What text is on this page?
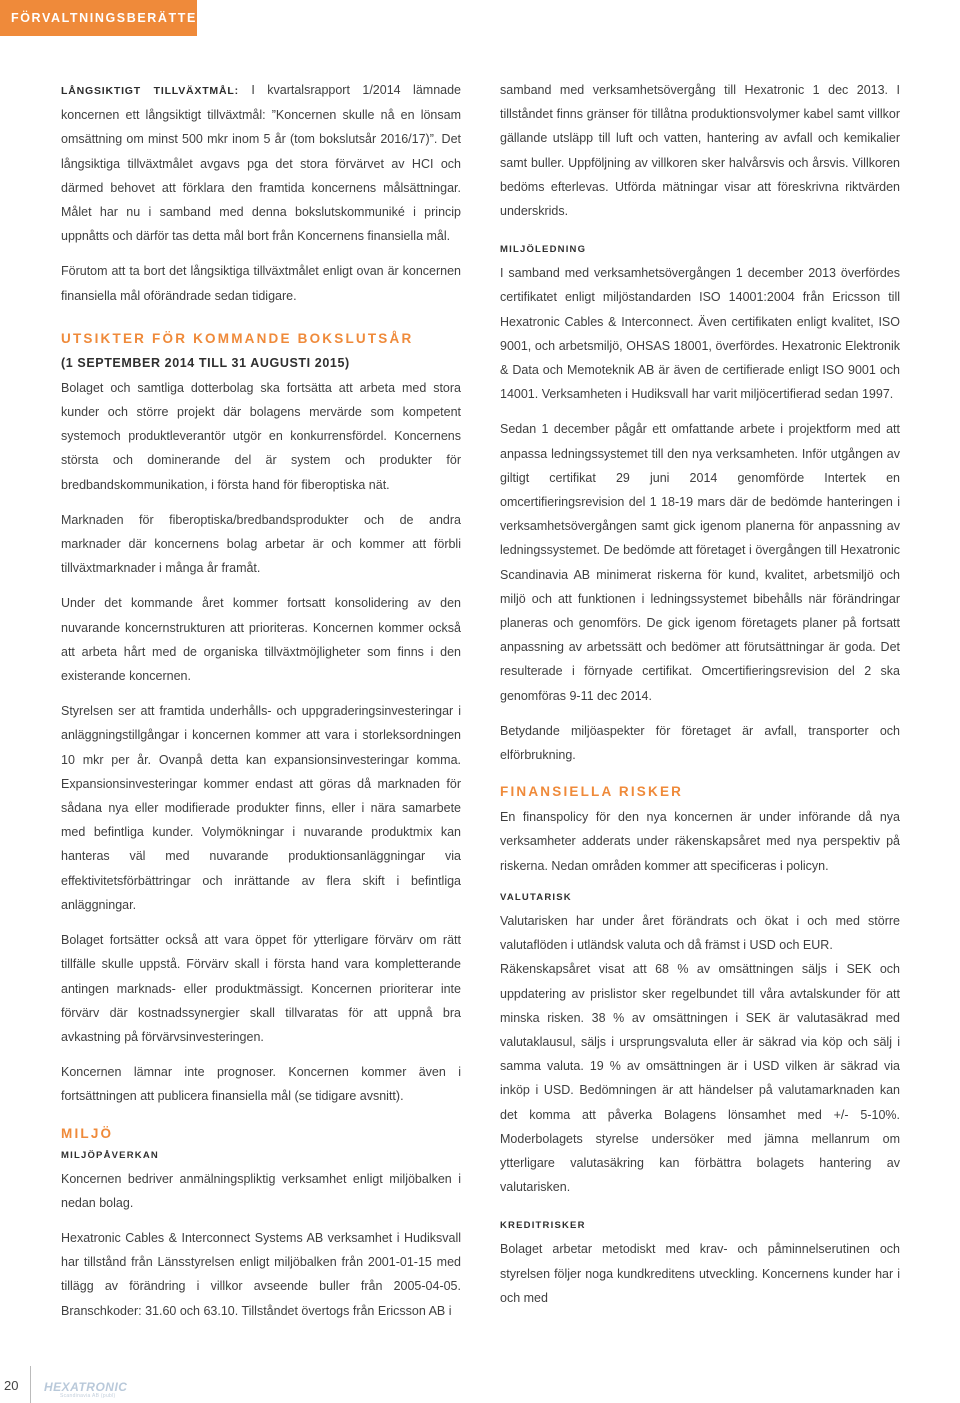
FÖRVALTNINGSBERÄTTELSE

LÅNGSIKTIGT TILLVÄXTMÅL: I kvartalsrapport 1/2014 lämnade koncernen ett långsiktigt tillväxtmål: ”Koncernen skulle nå en lönsam omsättning om minst 500 mkr inom 5 år (tom bokslutsår 2016/17)”. Det långsiktiga tillväxtmålet avgavs pga det stora förvärvet av HCI och därmed behovet att förklara den framtida koncernens målsättningar. Målet har nu i samband med denna bokslutskommuniké i princip uppnåtts och därför tas detta mål bort från Koncernens finansiella mål.

Förutom att ta bort det långsiktiga tillväxtmålet enligt ovan är koncernen finansiella mål oförändrade sedan tidigare.

UTSIKTER FÖR KOMMANDE BOKSLUTSÅR
(1 SEPTEMBER 2014 TILL 31 AUGUSTI 2015)

Bolaget och samtliga dotterbolag ska fortsätta att arbeta med stora kunder och större projekt där bolagens mervärde som kompetent systemoch produktleverantör utgör en konkurrensfördel. Koncernens största och dominerande del är system och produkter för bredbandskommunikation, i första hand för fiberoptiska nät.

Marknaden för fiberoptiska/bredbandsprodukter och de andra marknader där koncernens bolag arbetar är och kommer att förbli tillväxtmarknader i många år framåt.

Under det kommande året kommer fortsatt konsolidering av den nuvarande koncernstrukturen att prioriteras. Koncernen kommer också att arbeta hårt med de organiska tillväxtmöjligheter som finns i den existerande koncernen.

Styrelsen ser att framtida underhålls- och uppgraderingsinvesteringar i anläggningstillgångar i koncernen kommer att vara i storleksordningen 10 mkr per år. Ovanpå detta kan expansionsinvesteringar komma. Expansionsinvesteringar kommer endast att göras då marknaden för sådana nya eller modifierade produkter finns, eller i nära samarbete med befintliga kunder. Volymökningar i nuvarande produktmix kan hanteras väl med nuvarande produktionsanläggningar via effektivitetsförbättringar och inrättande av flera skift i befintliga anläggningar.

Bolaget fortsätter också att vara öppet för ytterligare förvärv om rätt tillfälle skulle uppstå. Förvärv skall i första hand vara kompletterande antingen marknads- eller produktmässigt. Koncernen prioriterar inte förvärv där kostnadssynergier skall tillvaratas för att uppnå bra avkastning på förvärvsinvesteringen.

Koncernen lämnar inte prognoser. Koncernen kommer även i fortsättningen att publicera finansiella mål (se tidigare avsnitt).

MILJÖ
MILJÖPÅVERKAN

Koncernen bedriver anmälningspliktig verksamhet enligt miljöbalken i nedan bolag.

Hexatronic Cables & Interconnect Systems AB verksamhet i Hudiksvall har tillstånd från Länsstyrelsen enligt miljöbalken från 2001-01-15 med tillägg av förändring i villkor avseende buller från 2005-04-05. Branschkoder: 31.60 och 63.10. Tillståndet övertogs från Ericsson AB i

samband med verksamhetsövergång till Hexatronic 1 dec 2013. I tillståndet finns gränser för tillåtna produktionsvolymer kabel samt villkor gällande utsläpp till luft och vatten, hantering av avfall och kemikalier samt buller. Uppföljning av villkoren sker halvårsvis och årsvis. Villkoren bedöms efterlevas. Utförda mätningar visar att föreskrivna riktvärden underskrids.

MILJÖLEDNING

I samband med verksamhetsövergången 1 december 2013 överfördes certifikatet enligt miljöstandarden ISO 14001:2004 från Ericsson till Hexatronic Cables & Interconnect. Även certifikaten enligt kvalitet, ISO 9001, och arbetsmiljö, OHSAS 18001, överfördes. Hexatronic Elektronik & Data och Memoteknik AB är även de certifierade enligt ISO 9001 och 14001. Verksamheten i Hudiksvall har varit miljöcertifierad sedan 1997.

Sedan 1 december pågår ett omfattande arbete i projektform med att anpassa ledningssystemet till den nya verksamheten. Inför utgången av giltigt certifikat 29 juni 2014 genomförde Intertek en omcertifieringsrevision del 1 18-19 mars där de bedömde hanteringen i verksamhetsövergången samt gick igenom planerna för anpassning av ledningssystemet. De bedömde att företaget i övergången till Hexatronic Scandinavia AB minimerat riskerna för kund, kvalitet, arbetsmiljö och miljö och att funktionen i ledningssystemet bibehålls när förändringar planeras och genomförs. De gick igenom företagets planer på fortsatt anpassning av arbetssätt och bedömer att förutsättningar är goda. Det resulterade i förnyade certifikat. Omcertifieringsrevision del 2 ska genomföras 9-11 dec 2014.

Betydande miljöaspekter för företaget är avfall, transporter och elförbrukning.

FINANSIELLA RISKER

En finanspolicy för den nya koncernen är under införande då nya verksamheter adderats under räkenskapsåret med nya perspektiv på riskerna. Nedan områden kommer att specificeras i policyn.

VALUTARISK

Valutarisken har under året förändrats och ökat i och med större valutaflöden i utländsk valuta och då främst i USD och EUR.

Räkenskapsåret visat att 68 % av omsättningen säljs i SEK och uppdatering av prislistor sker regelbundet till våra avtalskunder för att minska risken. 38 % av omsättningen i SEK är valutasäkrad med valutaklausul, säljs i ursprungsvaluta eller är säkrad via köp och sälj i samma valuta. 19 % av omsättningen är i USD vilken är säkrad via inköp i USD. Bedömningen är att händelser på valutamarknaden kan det komma att påverka Bolagens lönsamhet med +/- 5-10%. Moderbolagets styrelse undersöker med jämna mellanrum om ytterligare valutasäkring kan förbättra bolagets hantering av valutarisken.

KREDITRISKER

Bolaget arbetar metodiskt med krav- och påminnelserutinen och styrelsen följer noga kundkreditens utveckling. Koncernens kunder har i och med

20 HEXATRONIC
Scandinavia AB (publ)
